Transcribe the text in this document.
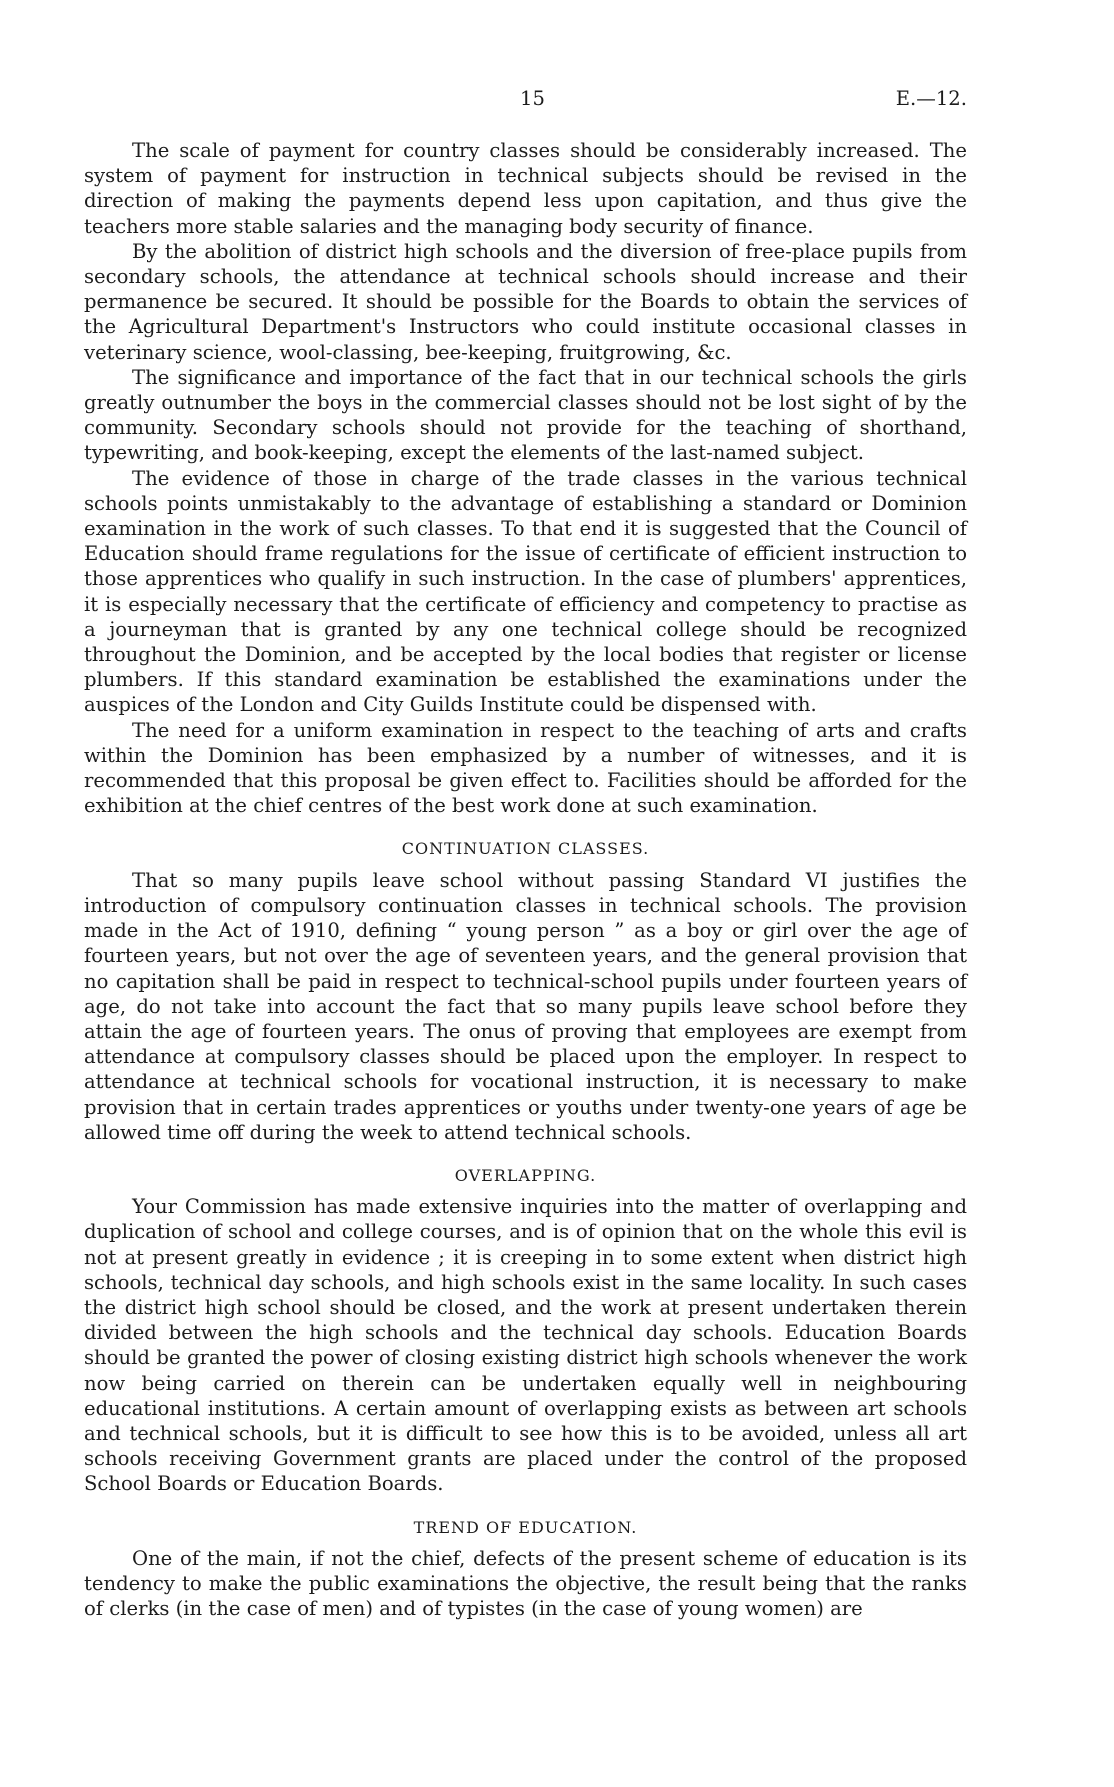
15	E.—12.

The scale of payment for country classes should be considerably increased. The system of payment for instruction in technical subjects should be revised in the direction of making the payments depend less upon capitation, and thus give the teachers more stable salaries and the managing body security of finance.

By the abolition of district high schools and the diversion of free-place pupils from secondary schools, the attendance at technical schools should increase and their permanence be secured. It should be possible for the Boards to obtain the services of the Agricultural Department's Instructors who could institute occasional classes in veterinary science, wool-classing, bee-keeping, fruitgrowing, &c.

The significance and importance of the fact that in our technical schools the girls greatly outnumber the boys in the commercial classes should not be lost sight of by the community. Secondary schools should not provide for the teaching of shorthand, typewriting, and book-keeping, except the elements of the last-named subject.

The evidence of those in charge of the trade classes in the various technical schools points unmistakably to the advantage of establishing a standard or Dominion examination in the work of such classes. To that end it is suggested that the Council of Education should frame regulations for the issue of certificate of efficient instruction to those apprentices who qualify in such instruction. In the case of plumbers' apprentices, it is especially necessary that the certificate of efficiency and competency to practise as a journeyman that is granted by any one technical college should be recognized throughout the Dominion, and be accepted by the local bodies that register or license plumbers. If this standard examination be established the examinations under the auspices of the London and City Guilds Institute could be dispensed with.

The need for a uniform examination in respect to the teaching of arts and crafts within the Dominion has been emphasized by a number of witnesses, and it is recommended that this proposal be given effect to. Facilities should be afforded for the exhibition at the chief centres of the best work done at such examination.

CONTINUATION CLASSES.

That so many pupils leave school without passing Standard VI justifies the introduction of compulsory continuation classes in technical schools. The provision made in the Act of 1910, defining “ young person ” as a boy or girl over the age of fourteen years, but not over the age of seventeen years, and the general provision that no capitation shall be paid in respect to technical-school pupils under fourteen years of age, do not take into account the fact that so many pupils leave school before they attain the age of fourteen years. The onus of proving that employees are exempt from attendance at compulsory classes should be placed upon the employer. In respect to attendance at technical schools for vocational instruction, it is necessary to make provision that in certain trades apprentices or youths under twenty-one years of age be allowed time off during the week to attend technical schools.

OVERLAPPING.

Your Commission has made extensive inquiries into the matter of overlapping and duplication of school and college courses, and is of opinion that on the whole this evil is not at present greatly in evidence ; it is creeping in to some extent when district high schools, technical day schools, and high schools exist in the same locality. In such cases the district high school should be closed, and the work at present undertaken therein divided between the high schools and the technical day schools. Education Boards should be granted the power of closing existing district high schools whenever the work now being carried on therein can be undertaken equally well in neighbouring educational institutions. A certain amount of overlapping exists as between art schools and technical schools, but it is difficult to see how this is to be avoided, unless all art schools receiving Government grants are placed under the control of the proposed School Boards or Education Boards.

TREND OF EDUCATION.

One of the main, if not the chief, defects of the present scheme of education is its tendency to make the public examinations the objective, the result being that the ranks of clerks (in the case of men) and of typistes (in the case of young women) are
